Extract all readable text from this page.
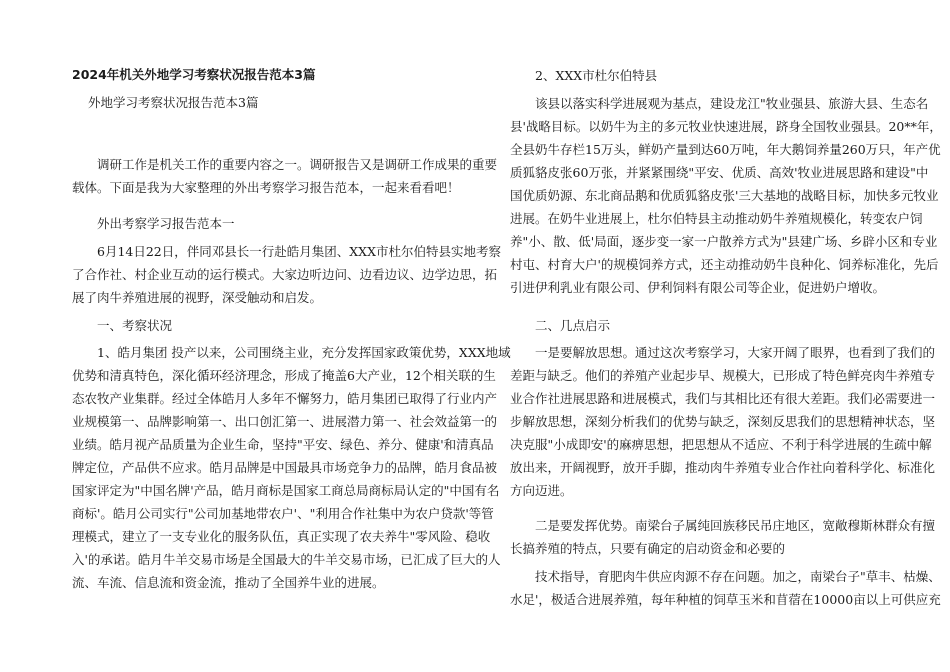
2024年机关外地学习考察状况报告范本3篇

外地学习考察状况报告范本3篇

调研工作是机关工作的重要内容之一。调研报告又是调研工作成果的重要
载体。下面是我为大家整理的外出考察学习报告范本，一起来看看吧！

外出考察学习报告范本一

6月14日22日，伴同邓县长一行赴皓月集团、XXX市杜尔伯特县实地考察
了合作社、村企业互动的运行模式。大家边听边问、边看边议、边学边思，拓
展了肉牛养殖进展的视野，深受触动和启发。

一、考察状况

1、皓月集团 投产以来，公司围绕主业，充分发挥国家政策优势，XXX地域
优势和清真特色，深化循环经济理念，形成了掩盖6大产业，12个相关联的生
态农牧产业集群。经过全体皓月人多年不懈努力，皓月集团已取得了行业内产
业规模第一、品牌影响第一、出口创汇第一、进展潜力第一、社会效益第一的
业绩。皓月视产品质量为企业生命，坚持"平安、绿色、养分、健康'和清真品
牌定位，产品供不应求。皓月品牌是中国最具市场竞争力的品牌，皓月食品被
国家评定为"中国名牌'产品，皓月商标是国家工商总局商标局认定的"中国有名
商标'。皓月公司实行"公司加基地带农户'、"利用合作社集中为农户贷款'等管
理模式，建立了一支专业化的服务队伍，真正实现了农夫养牛"零风险、稳收
入'的承诺。皓月牛羊交易市场是全国最大的牛羊交易市场，已汇成了巨大的人
流、车流、信息流和资金流，推动了全国养牛业的进展。

2、XXX市杜尔伯特县

该县以落实科学进展观为基点，建设龙江"牧业强县、旅游大县、生态名
县'战略目标。以奶牛为主的多元牧业快速进展，跻身全国牧业强县。20**年，
全县奶牛存栏15万头，鲜奶产量到达60万吨，年大鹅饲养量260万只，年产优
质狐貉皮张60万张，并紧紧围绕"平安、优质、高效'牧业进展思路和建设"中
国优质奶源、东北商品鹅和优质狐貉皮张'三大基地的战略目标，加快多元牧业
进展。在奶牛业进展上，杜尔伯特县主动推动奶牛养殖规模化，转变农户饲
养"小、散、低'局面，逐步变一家一户散养方式为"县建广场、乡辟小区和专业
村屯、村育大户'的规模饲养方式，还主动推动奶牛良种化、饲养标准化，先后
引进伊利乳业有限公司、伊利饲料有限公司等企业，促进奶户增收。

二、几点启示

一是要解放思想。通过这次考察学习，大家开阔了眼界，也看到了我们的
差距与缺乏。他们的养殖产业起步早、规模大，已形成了特色鲜亮肉牛养殖专
业合作社进展思路和进展模式，我们与其相比还有很大差距。我们必需要进一
步解放思想，深刻分析我们的优势与缺乏，深刻反思我们的思想精神状态，坚
决克服"小成即安'的麻痹思想，把思想从不适应、不利于科学进展的生疏中解
放出来，开阔视野，放开手脚，推动肉牛养殖专业合作社向着科学化、标准化
方向迈进。
二是要发挥优势。南梁台子属纯回族移民吊庄地区，宽敞穆斯林群众有擅
长搞养殖的特点，只要有确定的启动资金和必要的
技术指导，育肥肉牛供应肉源不存在问题。加之，南梁台子"草丰、枯燥、
水足'，极适合进展养殖，每年种植的饲草玉米和苜蓿在10000亩以上可供应充
